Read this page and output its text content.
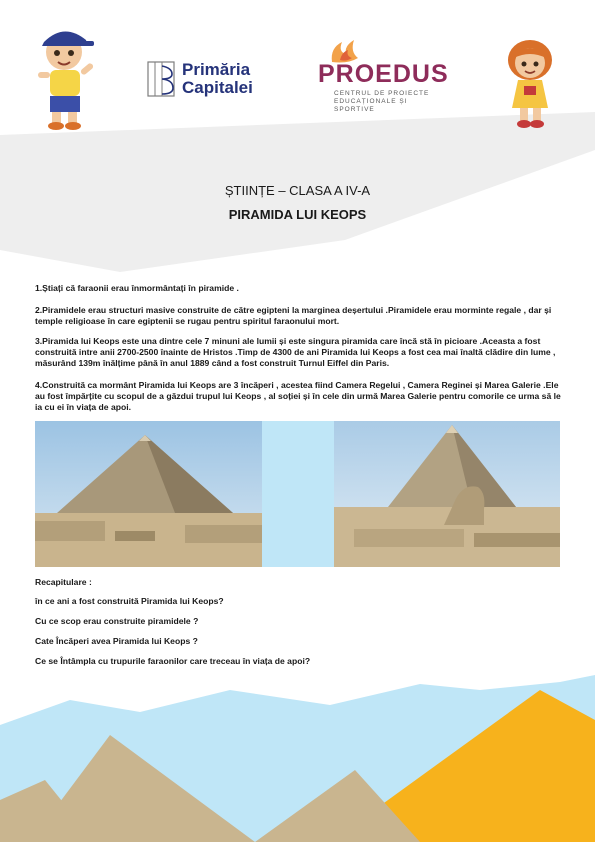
Primăria
Capitalei	PROEDUS
CENTRUL DE PROIECTE EDUCAȚIONALE ȘI SPORTIVE
ȘTIINȚE – CLASA A IV-A
PIRAMIDA LUI KEOPS

1.Știați că faraonii erau înmormântați în piramide .

2.Piramidele erau structuri masive construite de către egipteni la marginea deșertului .Piramidele erau morminte regale , dar și temple religioase în care egiptenii se rugau pentru spiritul faraonului mort.

3.Piramida lui Keops este una dintre cele 7 minuni ale lumii și este singura piramida care încă stă în picioare .Aceasta a fost construită intre anii 2700-2500 înainte de Hristos .Timp de 4300 de ani Piramida lui Keops a fost cea mai înaltă clădire din lume , măsurând 139m înălțime până în anul 1889 când a fost construit Turnul Eiffel din Paris.

4.Construită ca mormânt Piramida lui Keops are 3 încăperi , acestea fiind Camera Regelui , Camera Reginei și Marea Galerie .Ele au fost împărțite cu scopul de a găzdui trupul lui Keops , al soției și în cele din urmă Marea Galerie pentru comorile ce urma să le ia cu ei în viața de apoi.

Recapitulare :
în ce ani a fost construită Piramida lui Keops?
Cu ce scop erau construite piramidele ?
Cate Încăperi avea Piramida lui Keops ?
Ce se Întâmpla cu trupurile faraonilor care treceau în viața de apoi?
